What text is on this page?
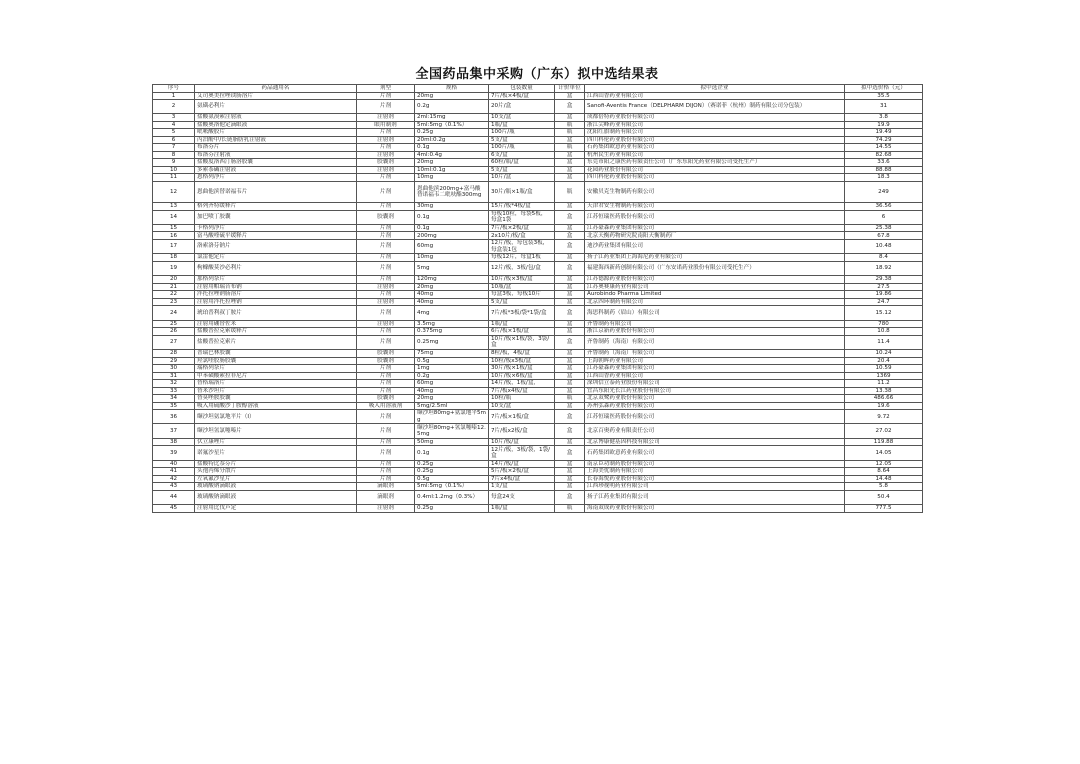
全国药品集中采购（广东）拟中选结果表
序号	药品通用名	剂型	规格	包装数量	计价单位	拟中选企业	拟中选价格（元）
1	艾司奥美拉唑镁肠溶片	片剂	20mg	7片/板×4板/盒	盒	江西山香药业有限公司	35.5
2	氨磺必利片	片剂	0.2g	20片/盒	盒	Sanofi-Aventis France（DELPHARM DIJON）（赛诺菲（杭州）制药有限公司分包装）	31
3	盐酸氨溴索注射液	注射剂	2ml:15mg	10支/盒	盒	成都倍特药业股份有限公司	3.8
4	盐酸奥洛他定滴眼液	眼用制剂	5ml:5mg（0.1%）	1瓶/盒	瓶	浙江尖峰药业有限公司	19.9
5	吡哌酸胶片	片剂	0.25g	100片/瓶	瓶	沈阳红旗制药有限公司	19.49
6	丙泊酚中/长链脂肪乳注射液	注射剂	20ml:0.2g	5支/盒	盒	四川科伦药业股份有限公司	74.29
7	布洛芬片	片剂	0.1g	100片/瓶	瓶	石药集团欧意药业有限公司	14.55
8	布洛芬注射液	注射剂	4ml:0.4g	6支/盒	盒	杭州民生药业有限公司	82.68
9	盐酸度洛西汀肠溶胶囊	胶囊剂	20mg	60粒/瓶/盒	盒	东莞市阳之康医药有限责任公司（广东东阳光药业有限公司受托生产）	33.6
10	多索茶碱注射液	注射剂	10ml:0.1g	5支/盒	盒	花园药业股份有限公司	88.88
11	恩格列净片	片剂	10mg	10片/盒	盒	四川科伦药业股份有限公司	18.3
12	恩曲他滨替诺福韦片	片剂	恩曲他滨200mg+富马酸替诺福韦二吡呋酯300mg	30片/瓶×1瓶/盒	瓶	安徽贝克生物制药有限公司	249
13	格列齐特缓释片	片剂	30mg	15片/板*4板/盒	盒	天津君安生物制药有限公司	36.56
14	加巴喷丁胶囊	胶囊剂	0.1g	每板10粒，每袋5板，每盒1袋	盒	江苏恒瑞医药股份有限公司	6
15	卡格列净片	片剂	0.1g	7片/板×2板/盒	盒	江苏豪森药业集团有限公司	25.38
16	富马酸喹硫平缓释片	片剂	200mg	2x10片/板/盒	盒	北京天衡药物研究院南阳天衡制药厂	67.8
17	洛索洛芬钠片	片剂	60mg	12片/板，每包装3板，每盒装1包	盒	迪沙药业集团有限公司	10.48
18	氯雷他定片	片剂	10mg	每板12片，每盒1板	盒	扬子江药业集团上海海尼药业有限公司	8.4
19	枸橼酸莫沙必利片	片剂	5mg	12片/板，3板/包/盒	盒	福建海西新药创制有限公司（广东安诺药业股份有限公司受托生产）	18.92
20	那格列奈片	片剂	120mg	10片/板×3板/盒	盒	江苏德源药业股份有限公司	29.38
21	注射用帕瑞昔布钠	注射剂	20mg	10瓶/盒	盒	江苏奥赛康药业有限公司	27.5
22	泮托拉唑钠肠溶片	片剂	40mg	每盒3板，每板10片	盒	Aurobindo Pharma Limited	19.86
23	注射用泮托拉唑钠	注射剂	40mg	5支/盒	盒	北京四环制药有限公司	24.7
24	琥珀普利叔丁胺片	片剂	4mg	7片/板*3板/袋*1袋/盒	盒	海思科制药（眉山）有限公司	15.12
25	注射用硼替佐米	注射剂	3.5mg	1瓶/盒	盒	齐鲁制药有限公司	780
26	盐酸普拉克索缓释片	片剂	0.375mg	6片/板×1板/盒	盒	浙江京新药业股份有限公司	10.8
27	盐酸普拉克索片	片剂	0.25mg	10片/板×1板/袋，3袋/盒	盒	齐鲁制药（海南）有限公司	11.4
28	普瑞巴林胶囊	胶囊剂	75mg	8粒/板，4板/盒	盒	齐鲁制药（海南）有限公司	10.24
29	羟氯喹胶肠胶囊	胶囊剂	0.5g	10粒/板x3板/盒	盒	上海朝晖药业有限公司	20.4
30	瑞格列奈片	片剂	1mg	30片/板×1板/盒	盒	江苏豪森药业集团有限公司	10.59
31	甲苯磺酸索拉非尼片	片剂	0.2g	10片/板×6板/盒	盒	江西山香药业有限公司	1369
32	替格瑞洛片	片剂	60mg	14片/板，1板/盒，	盒	深圳信立泰药业股份有限公司	11.2
33	替米沙坦片	片剂	40mg	7片/板x4板/盒	盒	宜昌东阳光长江药业股份有限公司	13.38
34	替莫唑胺胶囊	胶囊剂	20mg	10粒/瓶	瓶	北京双鹭药业股份有限公司	486.66
35	吸入用硫酸沙丁胺醇溶液	吸入用溶液剂	5mg/2.5ml	10支/盒	盒	苏州弘森药业股份有限公司	19.6
36	缬沙坦氨氯地平片（Ⅰ）	片剂	缬沙坦80mg+氨氯地平5mg	7片/板×1板/盒	盒	江苏恒瑞医药股份有限公司	9.72
37	缬沙坦氢氯噻嗪片	片剂	缬沙坦80mg+氢氯噻嗪12.5mg	7片/板x2板/盒	盒	北京百奥药业有限责任公司	27.02
38	伏立康唑片	片剂	50mg	10片/板/盒	盒	北京博康健基因科技有限公司	119.88
39	诺氟沙星片	片剂	0.1g	12片/板，3板/袋，1袋/盒	盒	石药集团欧意药业有限公司	14.05
40	盐酸特比萘芬片	片剂	0.25g	14片/板/盒	盒	南京臣功制药股份有限公司	12.05
41	头孢丙烯分散片	片剂	0.25g	5片/板×2板/盒	盒	上海美优制药有限公司	8.64
42	左氧氟沙星片	片剂	0.5g	7片x4板/盒	盒	长春海悦药业股份有限公司	14.48
43	玻璃酸钠滴眼液	滴眼剂	5ml:5mg（0.1%）	1支/盒	盒	江西珍视明药业有限公司	5.8
44	玻璃酸钠滴眼液	滴眼剂	0.4ml:1.2mg（0.3%）	每盒24支	盒	扬子江药业集团有限公司	50.4
45	注射用比伐芦定	注射剂	0.25g	1瓶/盒	瓶	海南双成药业股份有限公司	777.5
